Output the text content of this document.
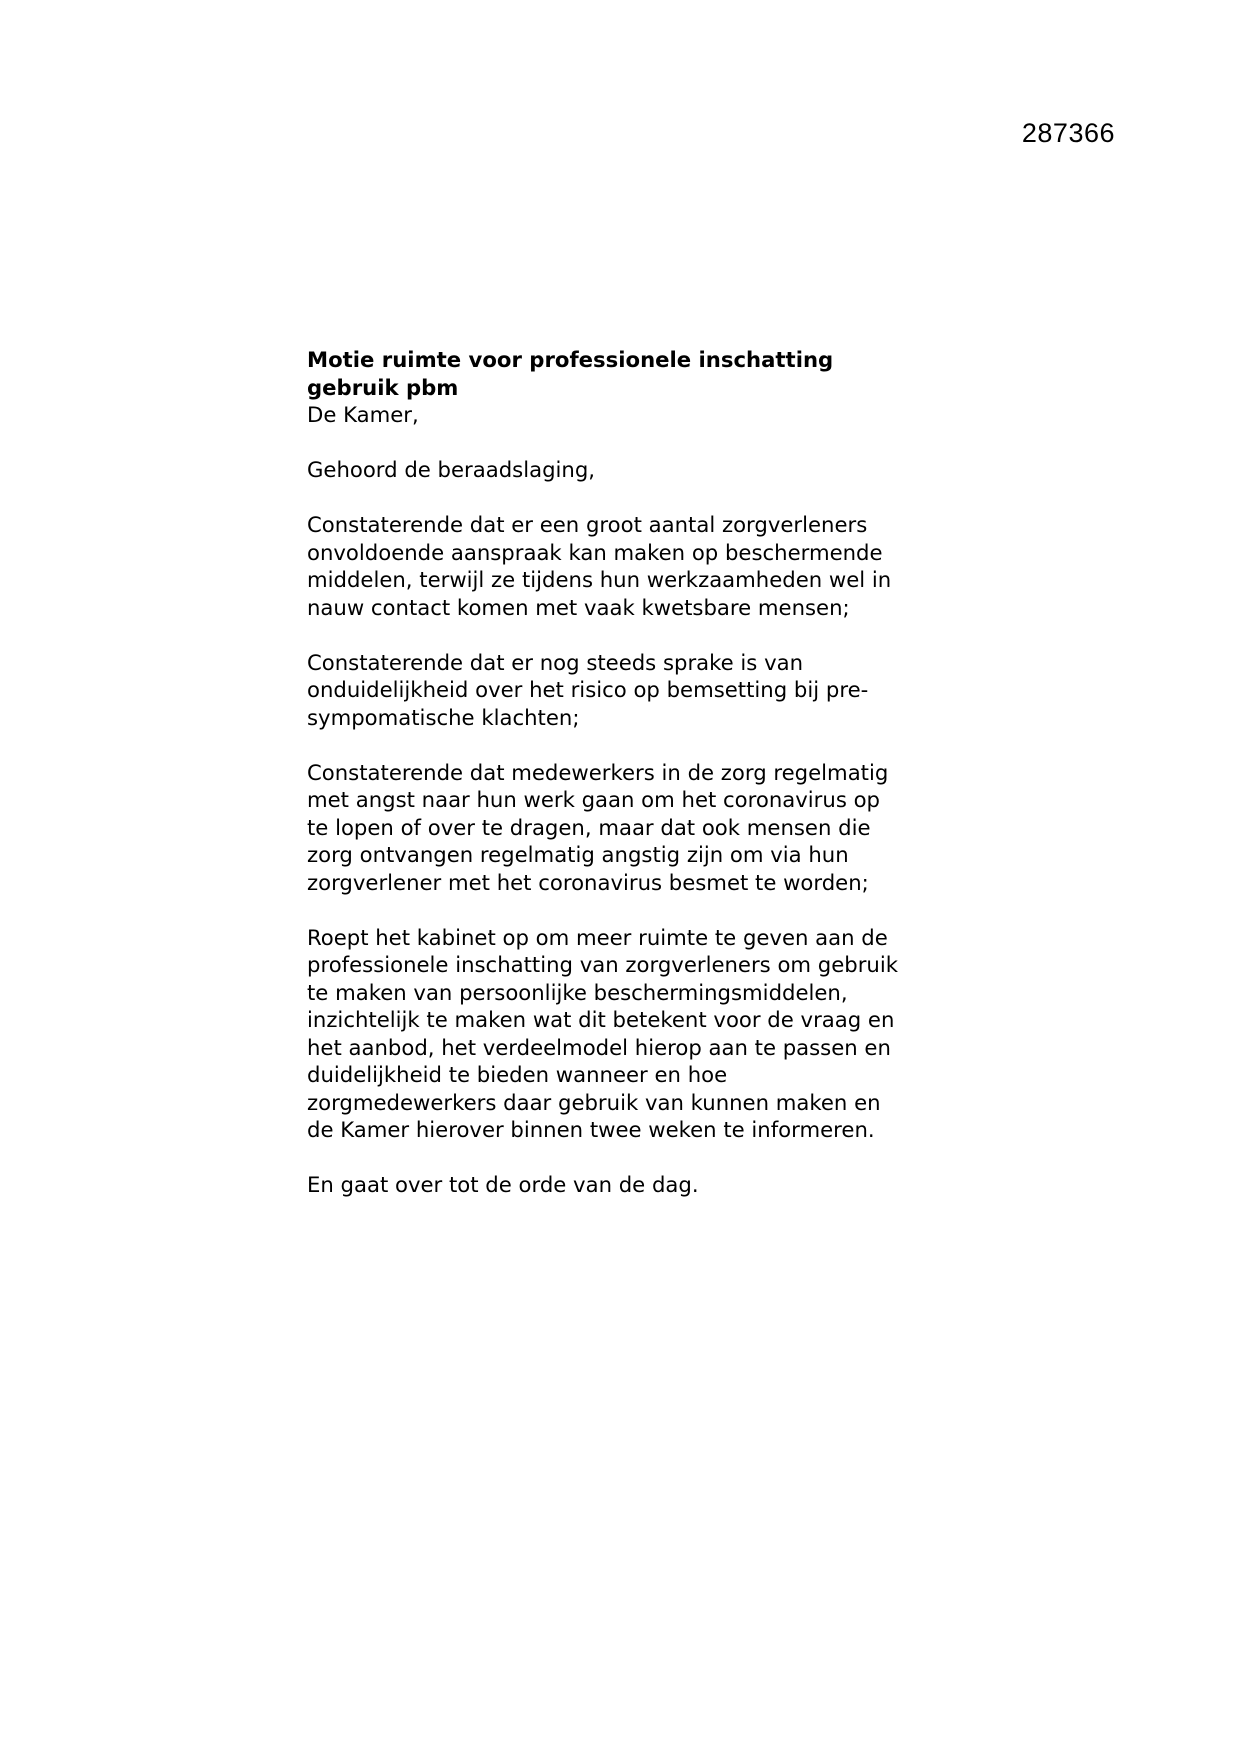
287366
Motie ruimte voor professionele inschatting
gebruik pbm
De Kamer,
Gehoord de beraadslaging,
Constaterende dat er een groot aantal zorgverleners
onvoldoende aanspraak kan maken op beschermende
middelen, terwijl ze tijdens hun werkzaamheden wel in
nauw contact komen met vaak kwetsbare mensen;
Constaterende dat er nog steeds sprake is van
onduidelijkheid over het risico op bemsetting bij pre-
sympomatische klachten;
Constaterende dat medewerkers in de zorg regelmatig
met angst naar hun werk gaan om het coronavirus op
te lopen of over te dragen, maar dat ook mensen die
zorg ontvangen regelmatig angstig zijn om via hun
zorgverlener met het coronavirus besmet te worden;
Roept het kabinet op om meer ruimte te geven aan de
professionele inschatting van zorgverleners om gebruik
te maken van persoonlijke beschermingsmiddelen,
inzichtelijk te maken wat dit betekent voor de vraag en
het aanbod, het verdeelmodel hierop aan te passen en
duidelijkheid te bieden wanneer en hoe
zorgmedewerkers daar gebruik van kunnen maken en
de Kamer hierover binnen twee weken te informeren.
En gaat over tot de orde van de dag.
